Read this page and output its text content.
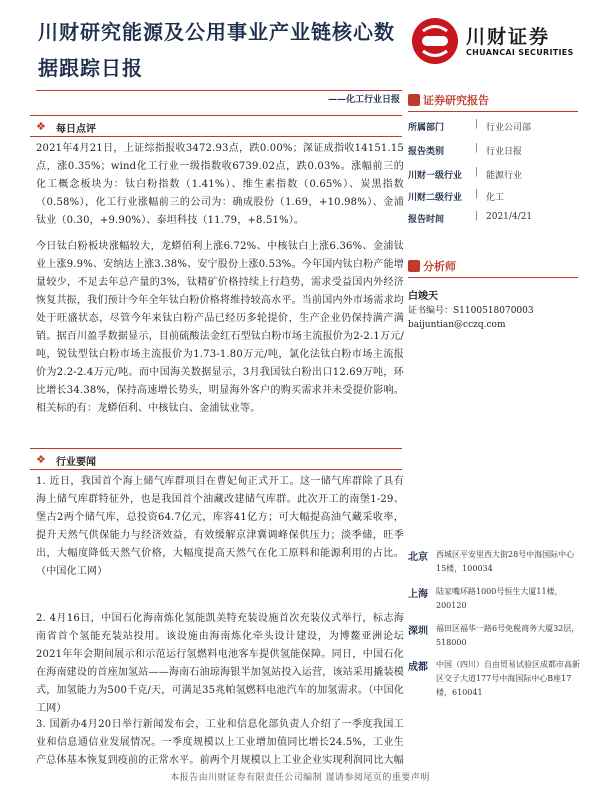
川财研究能源及公用事业产业链核心数据跟踪日报
川财证券
CHUANCAI SECURITIES
——化工行业日报
❖ 每日点评
2021年4月21日，上证综指报收3472.93点，跌0.00%；深证成指收14151.15点，涨0.35%；wind化工行业一级指数收6739.02点，跌0.03%。涨幅前三的化工概念板块为：钛白粉指数（1.41%）、维生素指数（0.65%）、炭黑指数（0.58%），化工行业涨幅前三的公司为：确成股份（1.69，+10.98%）、金浦钛业（0.30，+9.90%）、泰坦科技（11.79，+8.51%）。
今日钛白粉板块涨幅较大，龙蟒佰利上涨6.72%、中核钛白上涨6.36%、金浦钛业上涨9.9%、安纳达上涨3.38%、安宁股份上涨0.53%。今年国内钛白粉产能增量较少，不足去年总产量的3%，钛精矿价格持续上行趋势，需求受益国内外经济恢复共振，我们预计今年全年钛白粉价格将维持较高水平。当前国内外市场需求均处于旺盛状态，尽管今年来钛白粉产品已经历多轮提价，生产企业仍保持满产满销。据百川盈孚数据显示，目前硫酸法金红石型钛白粉市场主流报价为2-2.1万元/吨，锐钛型钛白粉市场主流报价为1.73-1.80万元/吨，氯化法钛白粉市场主流报价为2.2-2.4万元/吨。而中国海关数据显示，3月我国钛白粉出口12.69万吨，环比增长34.38%，保持高速增长势头，明显海外客户的购买需求并未受提价影响。相关标的有：龙蟒佰利、中核钛白、金浦钛业等。
❖ 行业要闻
1. 近日，我国首个海上储气库群项目在曹妃甸正式开工。这一储气库群除了具有海上储气库群特征外，也是我国首个油藏改建储气库群。此次开工的南堡1-29、堡古2两个储气库，总投资64.7亿元，库容41亿方；可大幅提高油气藏采收率，提升天然气供保能力与经济效益，有效缓解京津冀调峰保供压力；淡季储，旺季出，大幅度降低天然气价格，大幅度提高天然气在化工原料和能源利用的占比。（中国化工网）
2. 4月16日，中国石化海南炼化氢能凯美特充装设施首次充装仪式举行，标志海南省首个氢能充装站投用。该设施由海南炼化牵头设计建设，为博鳌亚洲论坛2021年年会期间展示和示范运行氢燃料电池客车提供氢能保障。同日，中国石化在海南建设的首座加氢站——海南石油琼海银半加氢站投入运营，该站采用撬装模式，加氢能力为500千克/天，可满足35兆帕氢燃料电池汽车的加氢需求。（中国化工网）
3. 国新办4月20日举行新闻发布会，工业和信息化部负责人介绍了一季度我国工业和信息通信业发展情况。一季度规模以上工业增加值同比增长24.5%，工业生产总体基本恢复到疫前的正常水平。前两个月规模以上工业企业实现利润同比大幅
证券研究报告
所属部门	| 行业公司部
报告类别	| 行业日报
川财一级行业 | 能源行业
川财二级行业 | 化工
报告时间	| 2021/4/21
分析师
白竣天
证书编号：S1100518070003
baijuntian@cczq.com
北京 西城区平安里西大街28号中海国际中心15楼，100034
上海 陆家嘴环路1000号恒生大厦11楼，200120
深圳 福田区福华一路6号免税商务大厦32层，518000
成都 中国（四川）自由贸易试验区成都市高新区交子大道177号中海国际中心B座17楼，610041
本报告由川财证券有限责任公司编制 谨请参阅尾页的重要声明
